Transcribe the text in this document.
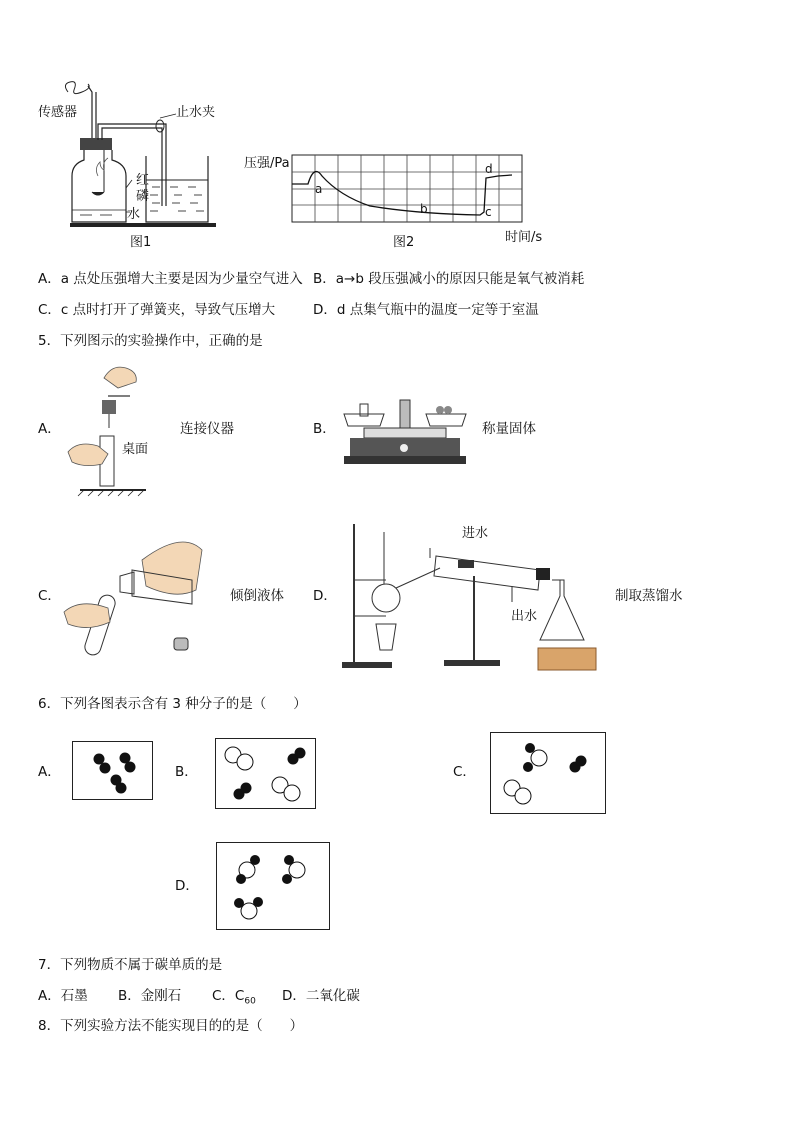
传感器	止水夹
红
磷
水
图1
压强/Pa
时间/s
图2
a
b	c
d
A．a 点处压强增大主要是因为少量空气进入 B．a→b 段压强减小的原因只能是氧气被消耗
C．c 点时打开了弹簧夹，导致气压增大	D．d 点集气瓶中的温度一定等于室温
5．下列图示的实验操作中，正确的是
A．	连接仪器
桌面
B．	称量固体
C．	倾倒液体 D．	制取蒸馏水
进水
出水
6．下列各图表示含有 3 种分子的是（　　）
A．	B．	C．
D．
7．下列物质不属于碳单质的是
A．石墨 B．金刚石 C．$C_{60}$ D．二氧化碳
8．下列实验方法不能实现目的的是（　　）
